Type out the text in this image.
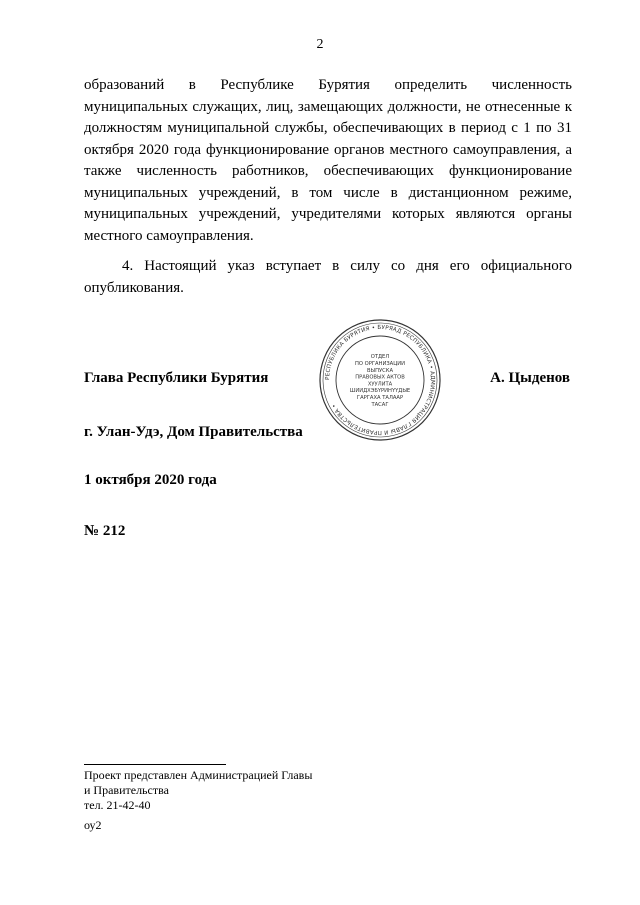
2

образований в Республике Бурятия определить численность муниципальных служащих, лиц, замещающих должности, не отнесенные к должностям муниципальной службы, обеспечивающих в период с 1 по 31 октября 2020 года функционирование органов местного самоуправления, а также численность работников, обеспечивающих функционирование муниципальных учреждений, в том числе в дистанционном режиме, муниципальных учреждений, учредителями которых являются органы местного самоуправления.

4. Настоящий указ вступает в силу со дня его официального опубликования.

Глава Республики Бурятия	А. Цыденов
РЕСПУБЛИКА БУРЯТИЯ • БУРЯАД РЕСПУБЛИКА • АДМИНИСТРАЦИЯ ГЛАВЫ И ПРАВИТЕЛЬСТВА •
ОТДЕЛ
ПО ОРГАНИЗАЦИИ
ВЫПУСКА
ПРАВОВЫХ АКТОВ
ХУУЛИТА
ШИИДХЭБҮРИНҮҮДЫЕ
ГАРГАХА ТАЛААР
ТАСАГ
г. Улан-Удэ, Дом Правительства
1 октября 2020 года
№ 212
Проект представлен Администрацией Главы
и Правительства
тел. 21-42-40
оу2
